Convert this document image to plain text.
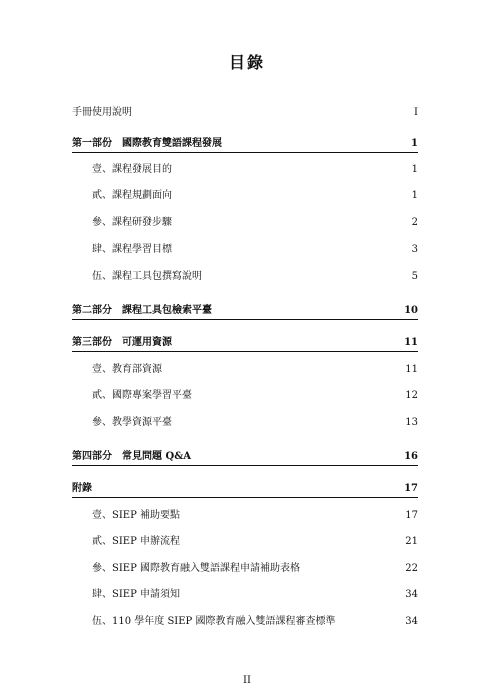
目錄
手冊使用說明	I
第一部份　國際教育雙語課程發展	1
壹、課程發展目的	1
貳、課程規劃面向	1
參、課程研發步驟	2
肆、課程學習目標	3
伍、課程工具包撰寫說明	5
第二部分　課程工具包檢索平臺	10
第三部份　可運用資源	11
壹、教育部資源	11
貳、國際專案學習平臺	12
參、教學資源平臺	13
第四部分　常見問題 Q&A	16
附錄	17
壹、SIEP 補助要點	17
貳、SIEP 申辦流程	21
參、SIEP 國際教育融入雙語課程申請補助表格	22
肆、SIEP 申請須知	34
伍、110 學年度 SIEP 國際教育融入雙語課程審查標準	34
II
